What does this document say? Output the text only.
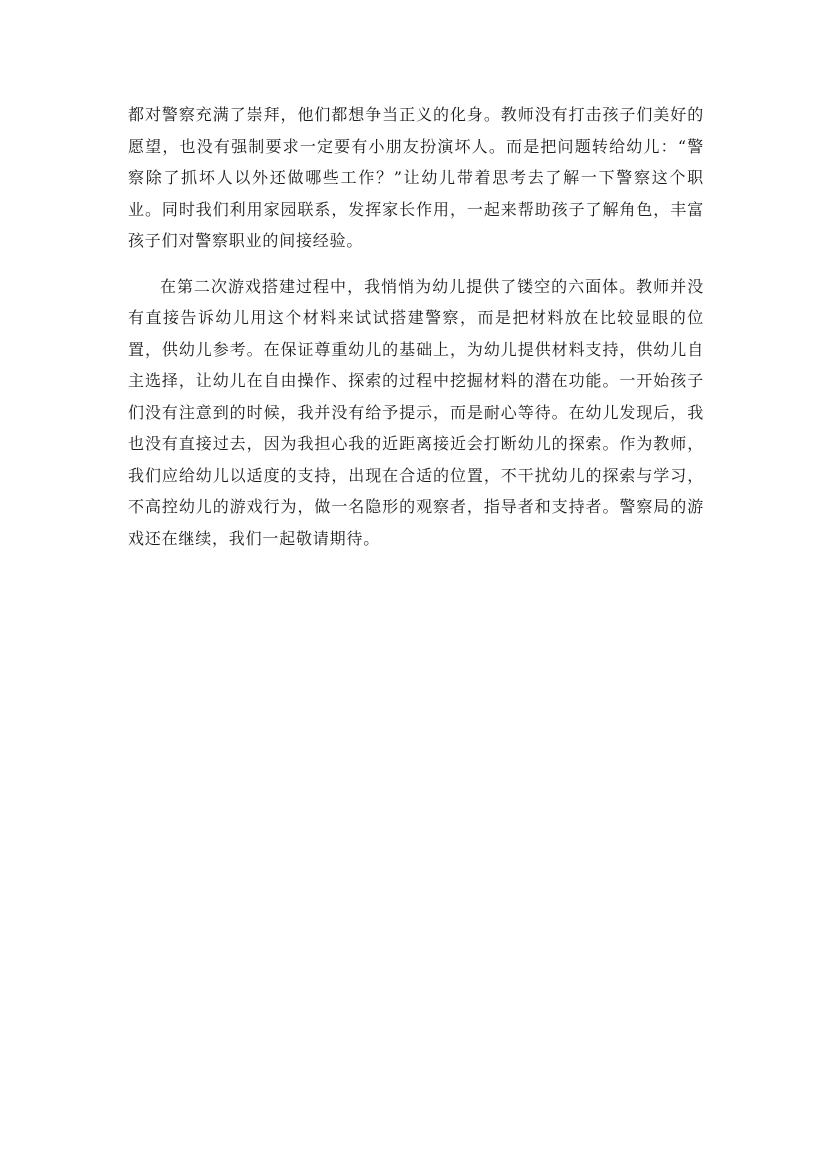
都对警察充满了崇拜，他们都想争当正义的化身。教师没有打击孩子们美好的愿望，也没有强制要求一定要有小朋友扮演坏人。而是把问题转给幼儿：“警察除了抓坏人以外还做哪些工作？”让幼儿带着思考去了解一下警察这个职业。同时我们利用家园联系，发挥家长作用，一起来帮助孩子了解角色，丰富孩子们对警察职业的间接经验。

在第二次游戏搭建过程中，我悄悄为幼儿提供了镂空的六面体。教师并没有直接告诉幼儿用这个材料来试试搭建警察，而是把材料放在比较显眼的位置，供幼儿参考。在保证尊重幼儿的基础上，为幼儿提供材料支持，供幼儿自主选择，让幼儿在自由操作、探索的过程中挖掘材料的潜在功能。一开始孩子们没有注意到的时候，我并没有给予提示，而是耐心等待。在幼儿发现后，我也没有直接过去，因为我担心我的近距离接近会打断幼儿的探索。作为教师，我们应给幼儿以适度的支持，出现在合适的位置，不干扰幼儿的探索与学习，不高控幼儿的游戏行为，做一名隐形的观察者，指导者和支持者。警察局的游戏还在继续，我们一起敬请期待。
